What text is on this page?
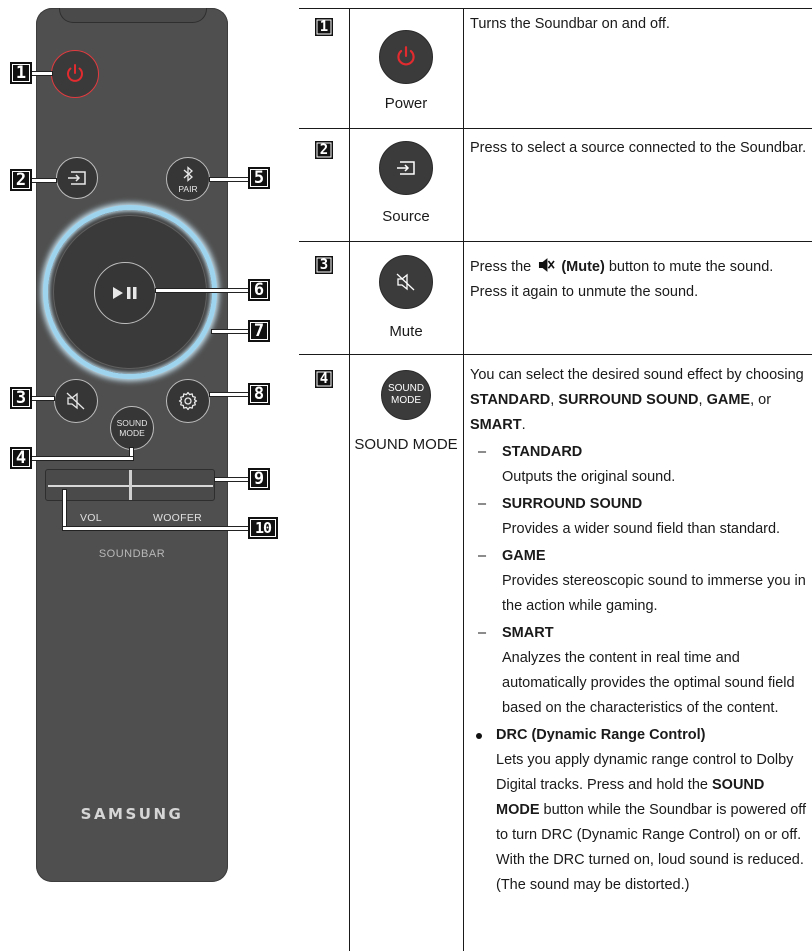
PAIR
SOUND
MODE
VOL	WOOFER
SOUNDBAR
SAMSUNG
1
2
3
4
5
6
7
8
9
10
1
Power

Turns the Soundbar on and off.

2
Source

Press to select a source connected to the Soundbar.

3
Mute

Press the  (Mute) button to mute the sound. Press it again to unmute the sound.

4
SOUND
MODE
SOUND MODE

You can select the desired sound effect by choosing STANDARD, SURROUND SOUND, GAME, or SMART.

– STANDARD
Outputs the original sound.
– SURROUND SOUND
Provides a wider sound field than standard.
– GAME
Provides stereoscopic sound to immerse you in the action while gaming.
– SMART
Analyzes the content in real time and automatically provides the optimal sound field based on the characteristics of the content.
DRC (Dynamic Range Control)
Lets you apply dynamic range control to Dolby Digital tracks. Press and hold the SOUND MODE button while the Soundbar is powered off to turn DRC (Dynamic Range Control) on or off. With the DRC turned on, loud sound is reduced. (The sound may be distorted.)
